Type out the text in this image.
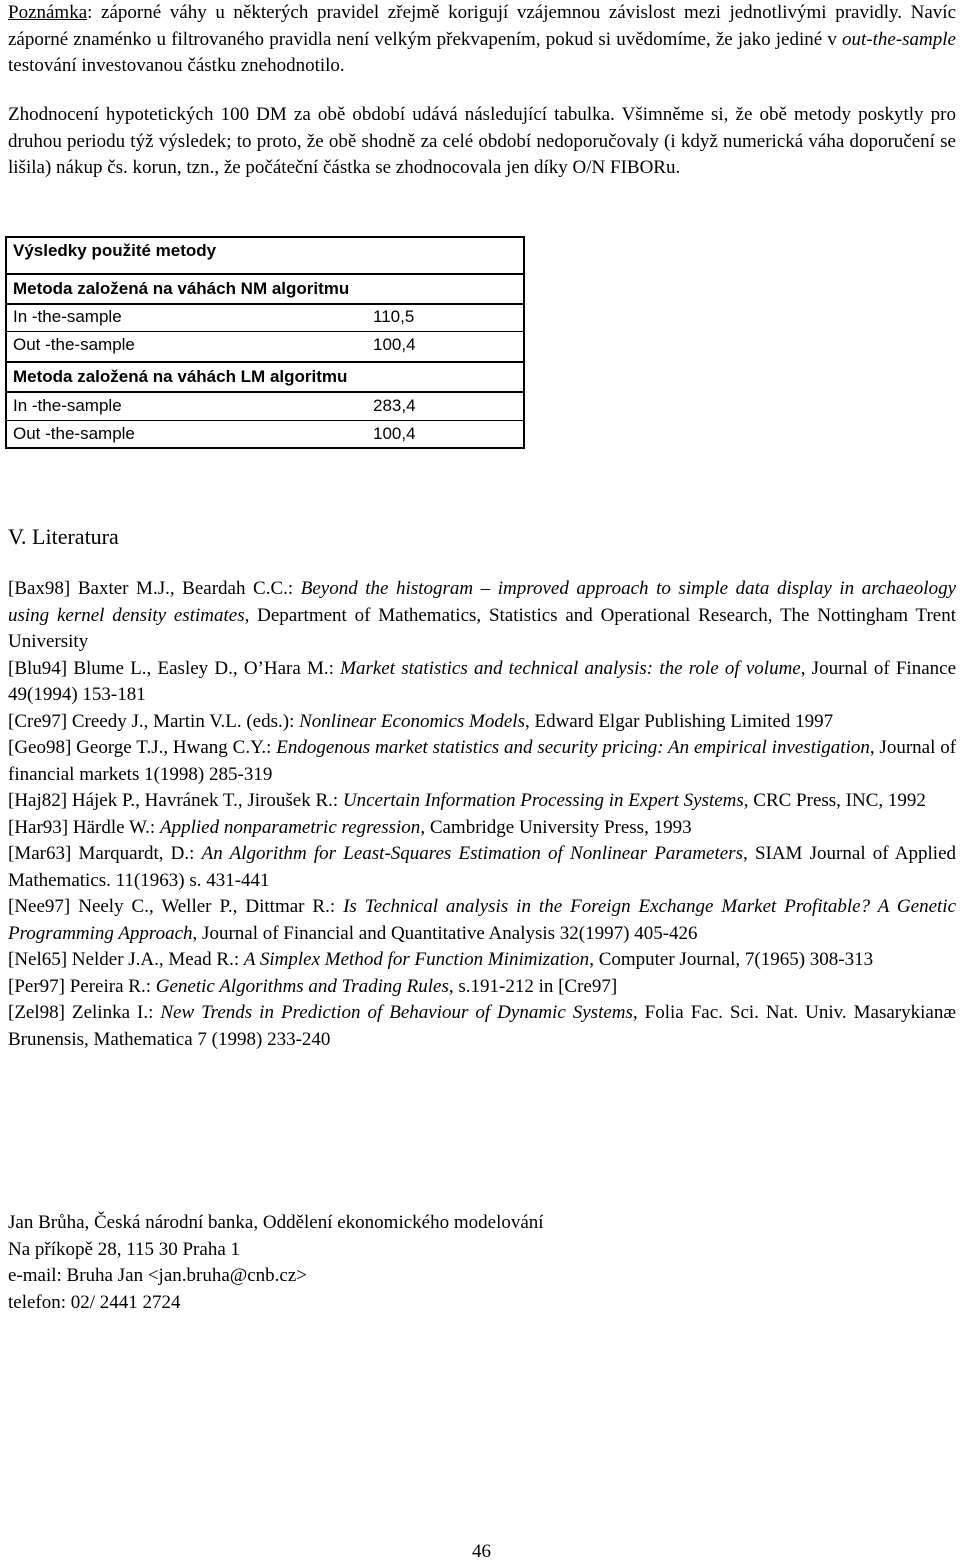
Poznámka: záporné váhy u některých pravidel zřejmě korigují vzájemnou závislost mezi jednotlivými pravidly. Navíc záporné znaménko u filtrovaného pravidla není velkým překvapením, pokud si uvědomíme, že jako jediné v out-the-sample testování investovanou částku znehodnotilo.

Zhodnocení hypotetických 100 DM za obě období udává následující tabulka. Všimněme si, že obě metody poskytly pro druhou periodu týž výsledek; to proto, že obě shodně za celé období nedoporučovaly (i když numerická váha doporučení se lišila) nákup čs. korun, tzn., že počáteční částka se zhodnocovala jen díky O/N FIBORu.

Výsledky použité metody
Metoda založená na váhách NM algoritmu
In -the-sample	110,5
Out -the-sample	100,4
Metoda založená na váhách LM algoritmu
In -the-sample	283,4
Out -the-sample	100,4
V. Literatura

[Bax98] Baxter M.J., Beardah C.C.: Beyond the histogram – improved approach to simple data display in archaeology using kernel density estimates, Department of Mathematics, Statistics and Operational Research, The Nottingham Trent University

[Blu94] Blume L., Easley D., O’Hara M.: Market statistics and technical analysis: the role of volume, Journal of Finance 49(1994) 153-181

[Cre97] Creedy J., Martin V.L. (eds.): Nonlinear Economics Models, Edward Elgar Publishing Limited 1997

[Geo98] George T.J., Hwang C.Y.: Endogenous market statistics and security pricing: An empirical investigation, Journal of financial markets 1(1998) 285-319

[Haj82] Hájek P., Havránek T., Jiroušek R.: Uncertain Information Processing in Expert Systems, CRC Press, INC, 1992

[Har93] Härdle W.: Applied nonparametric regression, Cambridge University Press, 1993

[Mar63] Marquardt, D.: An Algorithm for Least-Squares Estimation of Nonlinear Parameters, SIAM Journal of Applied Mathematics. 11(1963) s. 431-441

[Nee97] Neely C., Weller P., Dittmar R.: Is Technical analysis in the Foreign Exchange Market Profitable? A Genetic Programming Approach, Journal of Financial and Quantitative Analysis 32(1997) 405-426

[Nel65] Nelder J.A., Mead R.: A Simplex Method for Function Minimization, Computer Journal, 7(1965) 308-313

[Per97] Pereira R.: Genetic Algorithms and Trading Rules, s.191-212 in [Cre97]

[Zel98] Zelinka I.: New Trends in Prediction of Behaviour of Dynamic Systems, Folia Fac. Sci. Nat. Univ. Masarykianæ Brunensis, Mathematica 7 (1998) 233-240

Jan Brůha, Česká národní banka, Oddělení ekonomického modelování
Na příkopě 28, 115 30 Praha 1
e-mail: Bruha Jan <jan.bruha@cnb.cz>
telefon: 02/ 2441 2724
46
